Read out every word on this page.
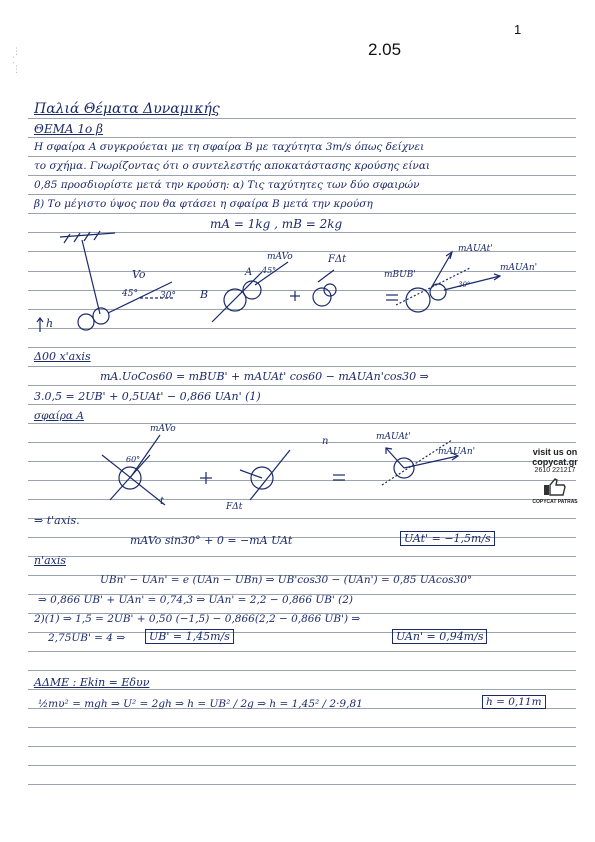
1
2.05
⋮
⁚
⋮
Παλιά Θέματα Δυναμικής
ΘΕΜΑ 1ο β
Η σφαίρα Α συγκρούεται με τη σφαίρα Β με ταχύτητα 3m/s όπως δείχνει
το σχήμα. Γνωρίζοντας ότι ο συντελεστής αποκατάστασης κρούσης είναι
0,85 προσδιορίστε μετά την κρούση: α) Τις ταχύτητες των δύο σφαιρών
β) Το μέγιστο ύψος που θα φτάσει η σφαίρα Β μετά την κρούση
mA = 1kg , mB = 2kg
Vo
45° 30°
h
B
A
mAVo
45°
FΔt
mBUB'
mAUAt'
mAUAn'
30°
Δ00 x'axis
mA.UoCos60 = mBUB' + mAUAt' cos60 − mAUAn'cos30 ⇒
3.0,5 = 2UB' + 0,5UAt' − 0,866 UAn' (1)
σφαίρα A
mAVo
60°
n
t	FΔt
mAUAt'
mAUAn'
⇒ t'axis.
mAVo sin30° + 0 = −mA UAt	UAt' = −1,5m/s
n'axis
UBn' − UAn' = e (UAn − UBn) ⇒ UB'cos30 − (UAn') = 0,85 UAcos30°
⇒ 0,866 UB' + UAn' = 0,74,3 ⇒ UAn' = 2,2 − 0,866 UB' (2)
2)(1) ⇒ 1,5 = 2UB' + 0,50 (−1,5) − 0,866(2,2 − 0,866 UB') ⇒
2,75UB' = 4 ⇒	UB' = 1,45m/s	UAn' = 0,94m/s
ΑΔΜΕ : Ekin = Εδυν
½mυ² = mgh ⇒ U² = 2gh ⇒ h = UB² / 2g ⇒ h = 1,45² / 2·9,81	h = 0,11m
visit us on
copycat.gr
2610 221217
COPYCAT PATRAS
